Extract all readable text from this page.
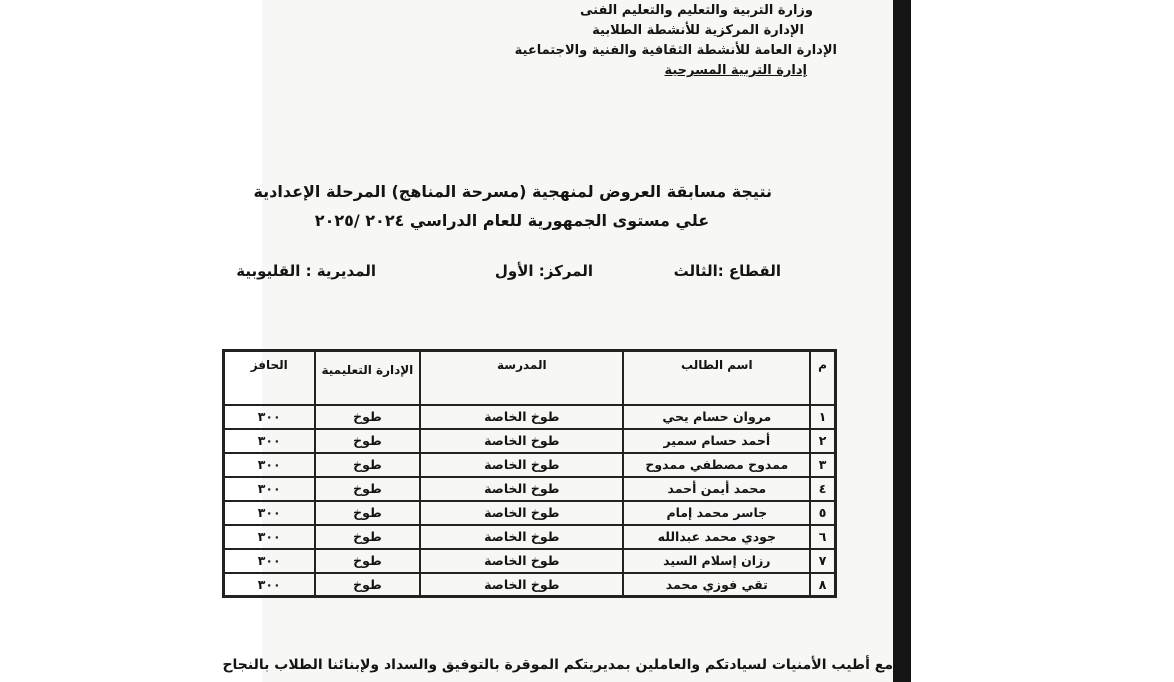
وزارة التربية والتعليم والتعليم الفنى
الإدارة المركزية للأنشطة الطلابية
الإدارة العامة للأنشطة الثقافية والفنية والاجتماعية
إدارة التربية المسرحية
نتيجة مسابقة العروض لمنهجية (مسرحة المناهج) المرحلة الإعدادية
علي مستوى الجمهورية للعام الدراسي ٢٠٢٤ /٢٠٢٥
القطاع :الثالث
المركز: الأول
المديرية : القليوبية
م	اسم الطالب	المدرسة	الإدارة التعليمية	الحافز
١	مروان حسام يحي	طوخ الخاصة	طوخ	٣٠٠
٢	أحمد حسام سمير	طوخ الخاصة	طوخ	٣٠٠
٣	ممدوح مصطفي ممدوح	طوخ الخاصة	طوخ	٣٠٠
٤	محمد أيمن أحمد	طوخ الخاصة	طوخ	٣٠٠
٥	جاسر محمد إمام	طوخ الخاصة	طوخ	٣٠٠
٦	جودي محمد عبدالله	طوخ الخاصة	طوخ	٣٠٠
٧	رزان إسلام السيد	طوخ الخاصة	طوخ	٣٠٠
٨	تقي فوزي محمد	طوخ الخاصة	طوخ	٣٠٠
مع أطيب الأمنيات لسيادتكم والعاملين بمديريتكم الموقرة بالتوفيق والسداد ولإبنائنا الطلاب بالنجاح
